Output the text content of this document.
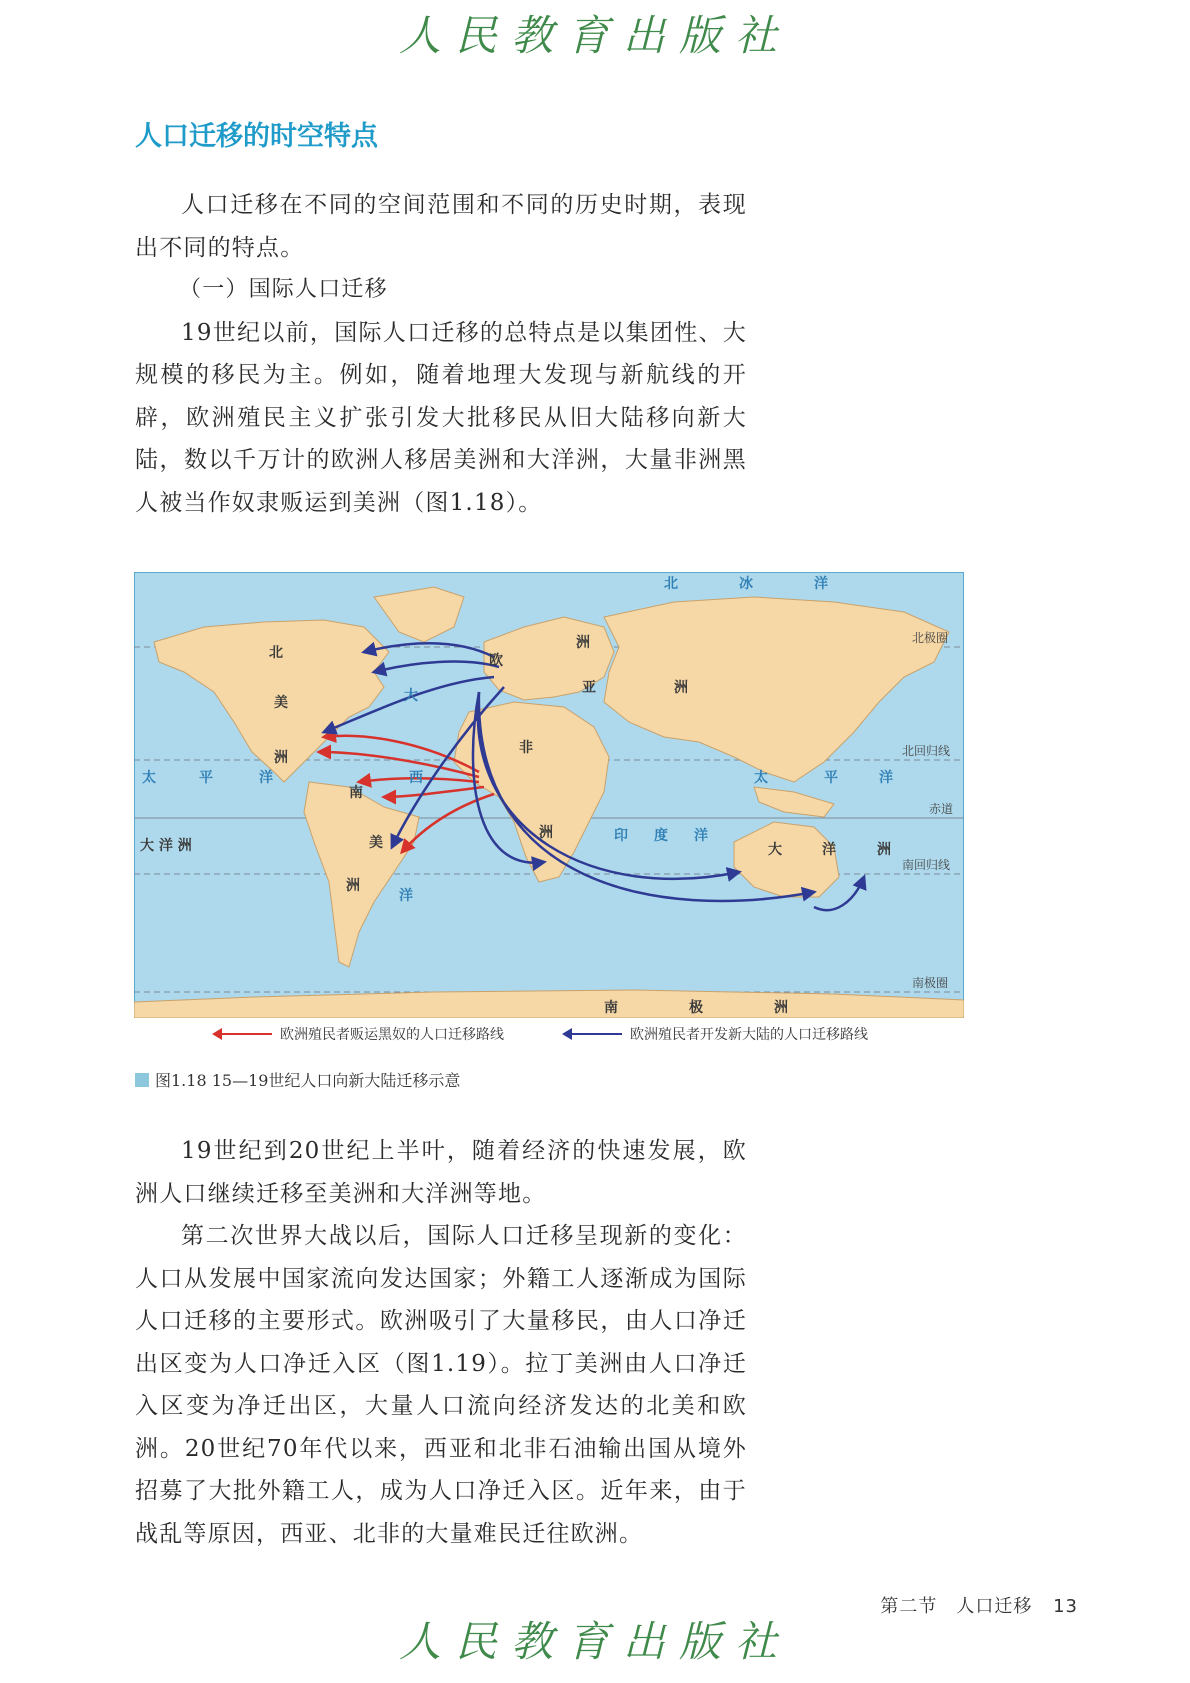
人民教育出版社
人口迁移的时空特点

人口迁移在不同的空间范围和不同的历史时期，表现出不同的特点。

（一）国际人口迁移

19世纪以前，国际人口迁移的总特点是以集团性、大规模的移民为主。例如，随着地理大发现与新航线的开辟，欧洲殖民主义扩张引发大批移民从旧大陆移向新大陆，数以千万计的欧洲人移居美洲和大洋洲，大量非洲黑人被当作奴隶贩运到美洲（图1.18）。

北	冰	洋
大
太	平	洋	西
洋
印 度 洋
太	平	洋
北
美
洲
南
美
洲
欧
洲
亚	洲
非
洲
大	洋	洲
大 洋 洲
南	极	洲
北极圈
北回归线
赤道
南回归线
南极圈
欧洲殖民者贩运黑奴的人口迁移路线	欧洲殖民者开发新大陆的人口迁移路线
图1.18 15—19世纪人口向新大陆迁移示意

19世纪到20世纪上半叶，随着经济的快速发展，欧洲人口继续迁移至美洲和大洋洲等地。

第二次世界大战以后，国际人口迁移呈现新的变化：人口从发展中国家流向发达国家；外籍工人逐渐成为国际人口迁移的主要形式。欧洲吸引了大量移民，由人口净迁出区变为人口净迁入区（图1.19）。拉丁美洲由人口净迁入区变为净迁出区，大量人口流向经济发达的北美和欧洲。20世纪70年代以来，西亚和北非石油输出国从境外招募了大批外籍工人，成为人口净迁入区。近年来，由于战乱等原因，西亚、北非的大量难民迁往欧洲。

第二节　人口迁移 13
人民教育出版社
